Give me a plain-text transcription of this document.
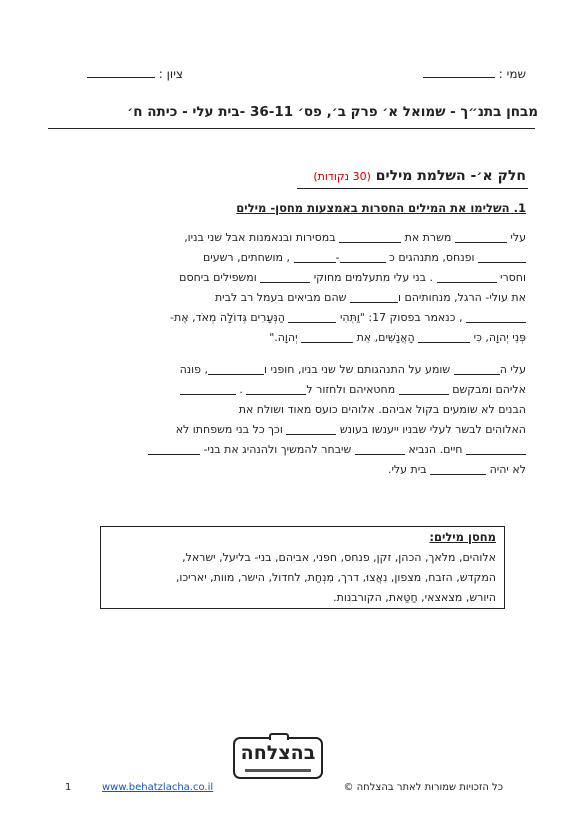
שמי :
ציון :
מבחן בתנ״ך - שמואל א׳ פרק ב׳, פס׳ 36-11 -בית עלי - כיתה ח׳
חלק א׳- השלמת מילים (30 נקודות)
1. השלימו את המילים החסרות באמצעות מחסן- מילים
עלי  משרת את  במסירות ובנאמנות אבל שני בניו,
ופנחס, מתנהגים כ - , מושחתים, רשעים
וחסרי  . בני עלי מתעלמים מחוקי  ומשפילים ביחסם
את עולי- הרגל, מנחותיהם ו שהם מביאים בעמל רב לבית
, כנאמר בפסוק 17: "וַתְּהִי  הַנְּעָרִים גְּדוֹלָה מְאֹד, אֶת-
פְּנֵי יְהוָה, כִּי  הָאֲנָשִׁים, אֵת  יְהוָה."
עלי ה שומע על התנהגותם של שני בניו, חופני ו, פונה
אליהם ומבקשם  מחטאיהם ולחזור ל .
הבנים לא שומעים בקול אביהם. אלוהים כועס מאוד ושולח את
האלוהים לבשר לעלי שבניו ייענשו בעונש  וכך כל בני משפחתו לא
חיים. הנביא  שיבחר להמשיך ולהנהיג את בני-
לא יהיה  בית עלי.
מחסן מילים:
אלוהים, מלאך, הכהן, זקן, פנחס, חפני, אביהם, בני- בליעל, ישראל,
המקדש, הזבח, מצפון, נִאֲצוּ, דרך, מִנְחַת, לחדול, הישר, מוות, יאריכו,
היורש, מצאצאי, חַטַּאת, הקורבנות.
בהצלחה
1	www.behatzlacha.co.il	כל הזכויות שמורות לאתר בהצלחה ©
